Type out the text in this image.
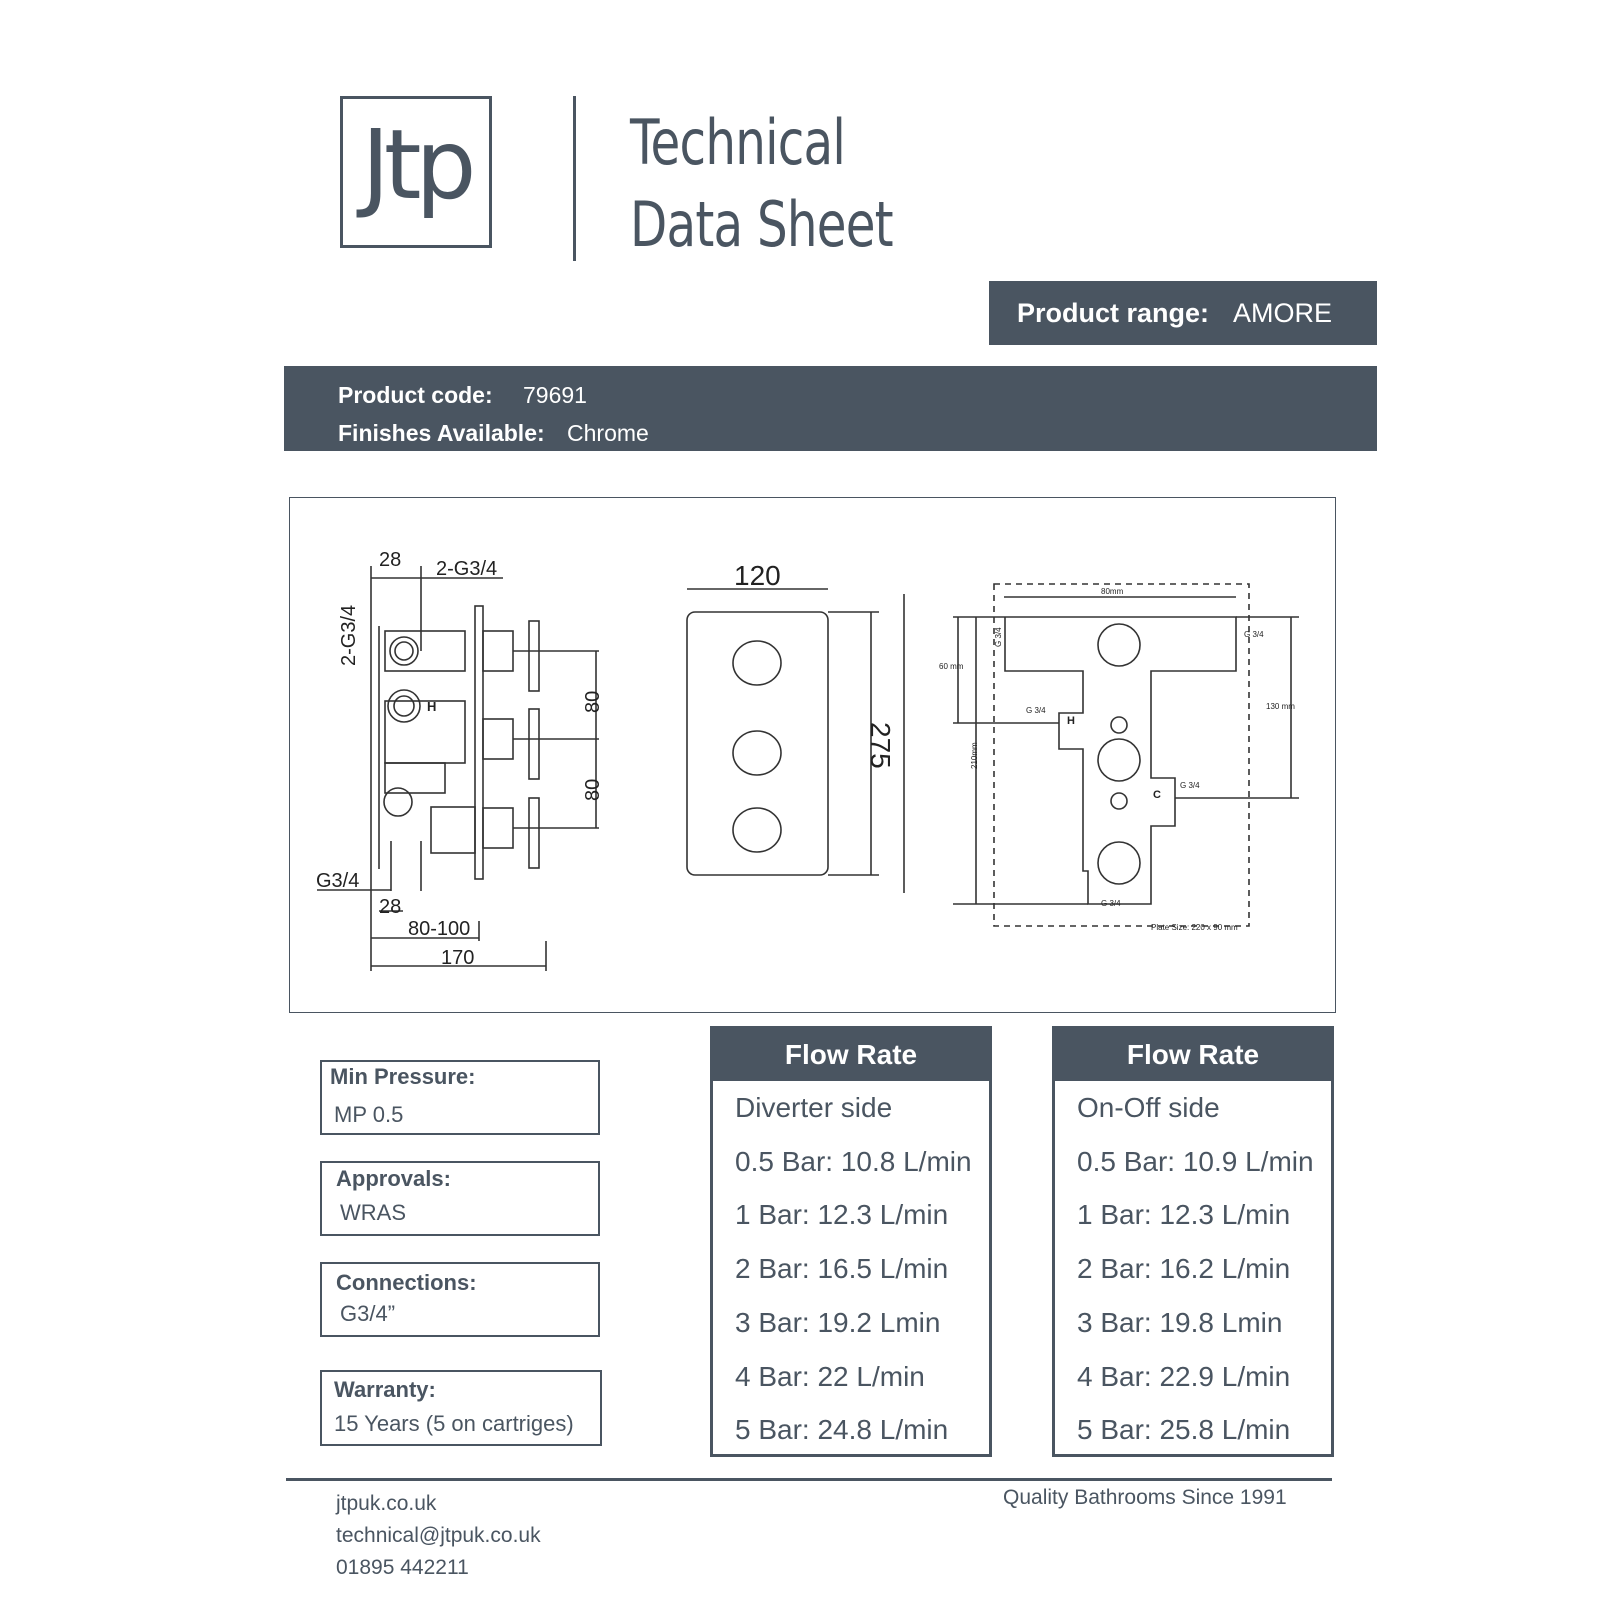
Jtp	Technical
Data Sheet
Product range: AMORE
Product code: 79691
Finishes Available: Chrome
28 2-G3/4
2-G3/4
80
80
G3/4
28
80-100
170
H
120
275
80mm
G 3/4	G 3/4
60 mm
130 mm
210mm
G 3/4
G 3/4
G 3/4
Plate Size: 220 x 90 mm
H
C
Min Pressure:
MP 0.5
Approvals:
WRAS
Connections:
G3/4”
Warranty:
15 Years (5 on cartriges)
Flow Rate
Diverter side
0.5 Bar: 10.8 L/min
1 Bar: 12.3 L/min
2 Bar: 16.5 L/min
3 Bar: 19.2 Lmin
4 Bar: 22 L/min
5 Bar: 24.8 L/min
Flow Rate
On-Off side
0.5 Bar: 10.9 L/min
1 Bar: 12.3 L/min
2 Bar: 16.2 L/min
3 Bar: 19.8 Lmin
4 Bar: 22.9 L/min
5 Bar: 25.8 L/min
jtpuk.co.uk
technical@jtpuk.co.uk
01895 442211
Quality Bathrooms Since 1991
